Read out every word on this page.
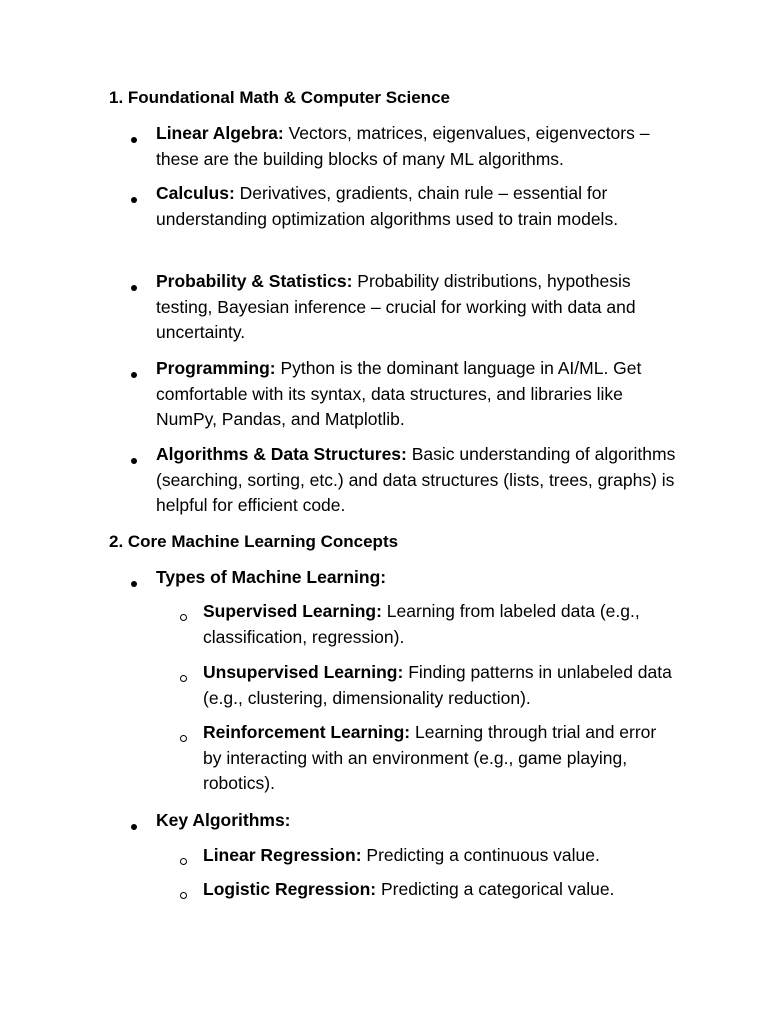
1. Foundational Math & Computer Science
Linear Algebra: Vectors, matrices, eigenvalues, eigenvectors – these are the building blocks of many ML algorithms.
Calculus: Derivatives, gradients, chain rule – essential for understanding optimization algorithms used to train models.
Probability & Statistics: Probability distributions, hypothesis testing, Bayesian inference – crucial for working with data and uncertainty.
Programming: Python is the dominant language in AI/ML. Get comfortable with its syntax, data structures, and libraries like NumPy, Pandas, and Matplotlib.
Algorithms & Data Structures: Basic understanding of algorithms (searching, sorting, etc.) and data structures (lists, trees, graphs) is helpful for efficient code.
2. Core Machine Learning Concepts
Types of Machine Learning:
Supervised Learning: Learning from labeled data (e.g., classification, regression).
Unsupervised Learning: Finding patterns in unlabeled data (e.g., clustering, dimensionality reduction).
Reinforcement Learning: Learning through trial and error by interacting with an environment (e.g., game playing, robotics).
Key Algorithms:
Linear Regression: Predicting a continuous value.
Logistic Regression: Predicting a categorical value.
